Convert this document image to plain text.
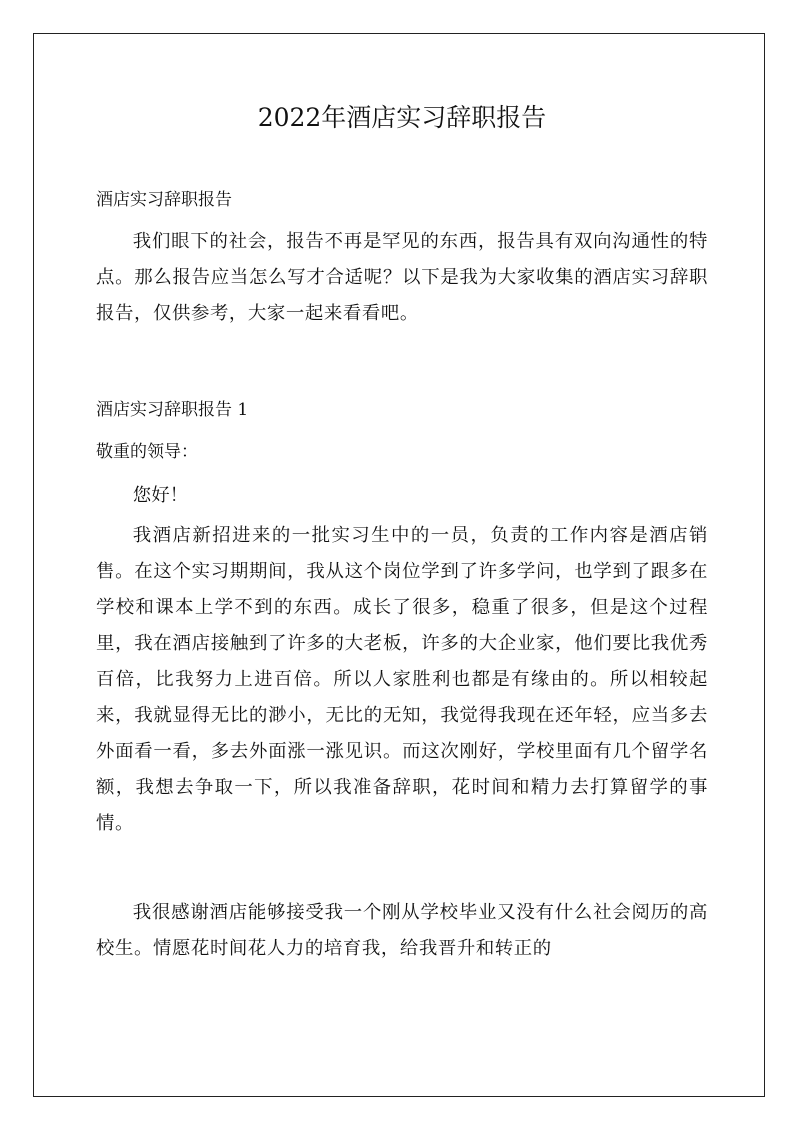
2022年酒店实习辞职报告

酒店实习辞职报告

我们眼下的社会，报告不再是罕见的东西，报告具有双向沟通性的特点。那么报告应当怎么写才合适呢？以下是我为大家收集的酒店实习辞职报告，仅供参考，大家一起来看看吧。

酒店实习辞职报告 1

敬重的领导：

您好！

我酒店新招进来的一批实习生中的一员，负责的工作内容是酒店销售。在这个实习期期间，我从这个岗位学到了许多学问，也学到了跟多在学校和课本上学不到的东西。成长了很多，稳重了很多，但是这个过程里，我在酒店接触到了许多的大老板，许多的大企业家，他们要比我优秀百倍，比我努力上进百倍。所以人家胜利也都是有缘由的。所以相较起来，我就显得无比的渺小，无比的无知，我觉得我现在还年轻，应当多去外面看一看，多去外面涨一涨见识。而这次刚好，学校里面有几个留学名额，我想去争取一下，所以我准备辞职，花时间和精力去打算留学的事情。

我很感谢酒店能够接受我一个刚从学校毕业又没有什么社会阅历的高校生。情愿花时间花人力的培育我，给我晋升和转正的
